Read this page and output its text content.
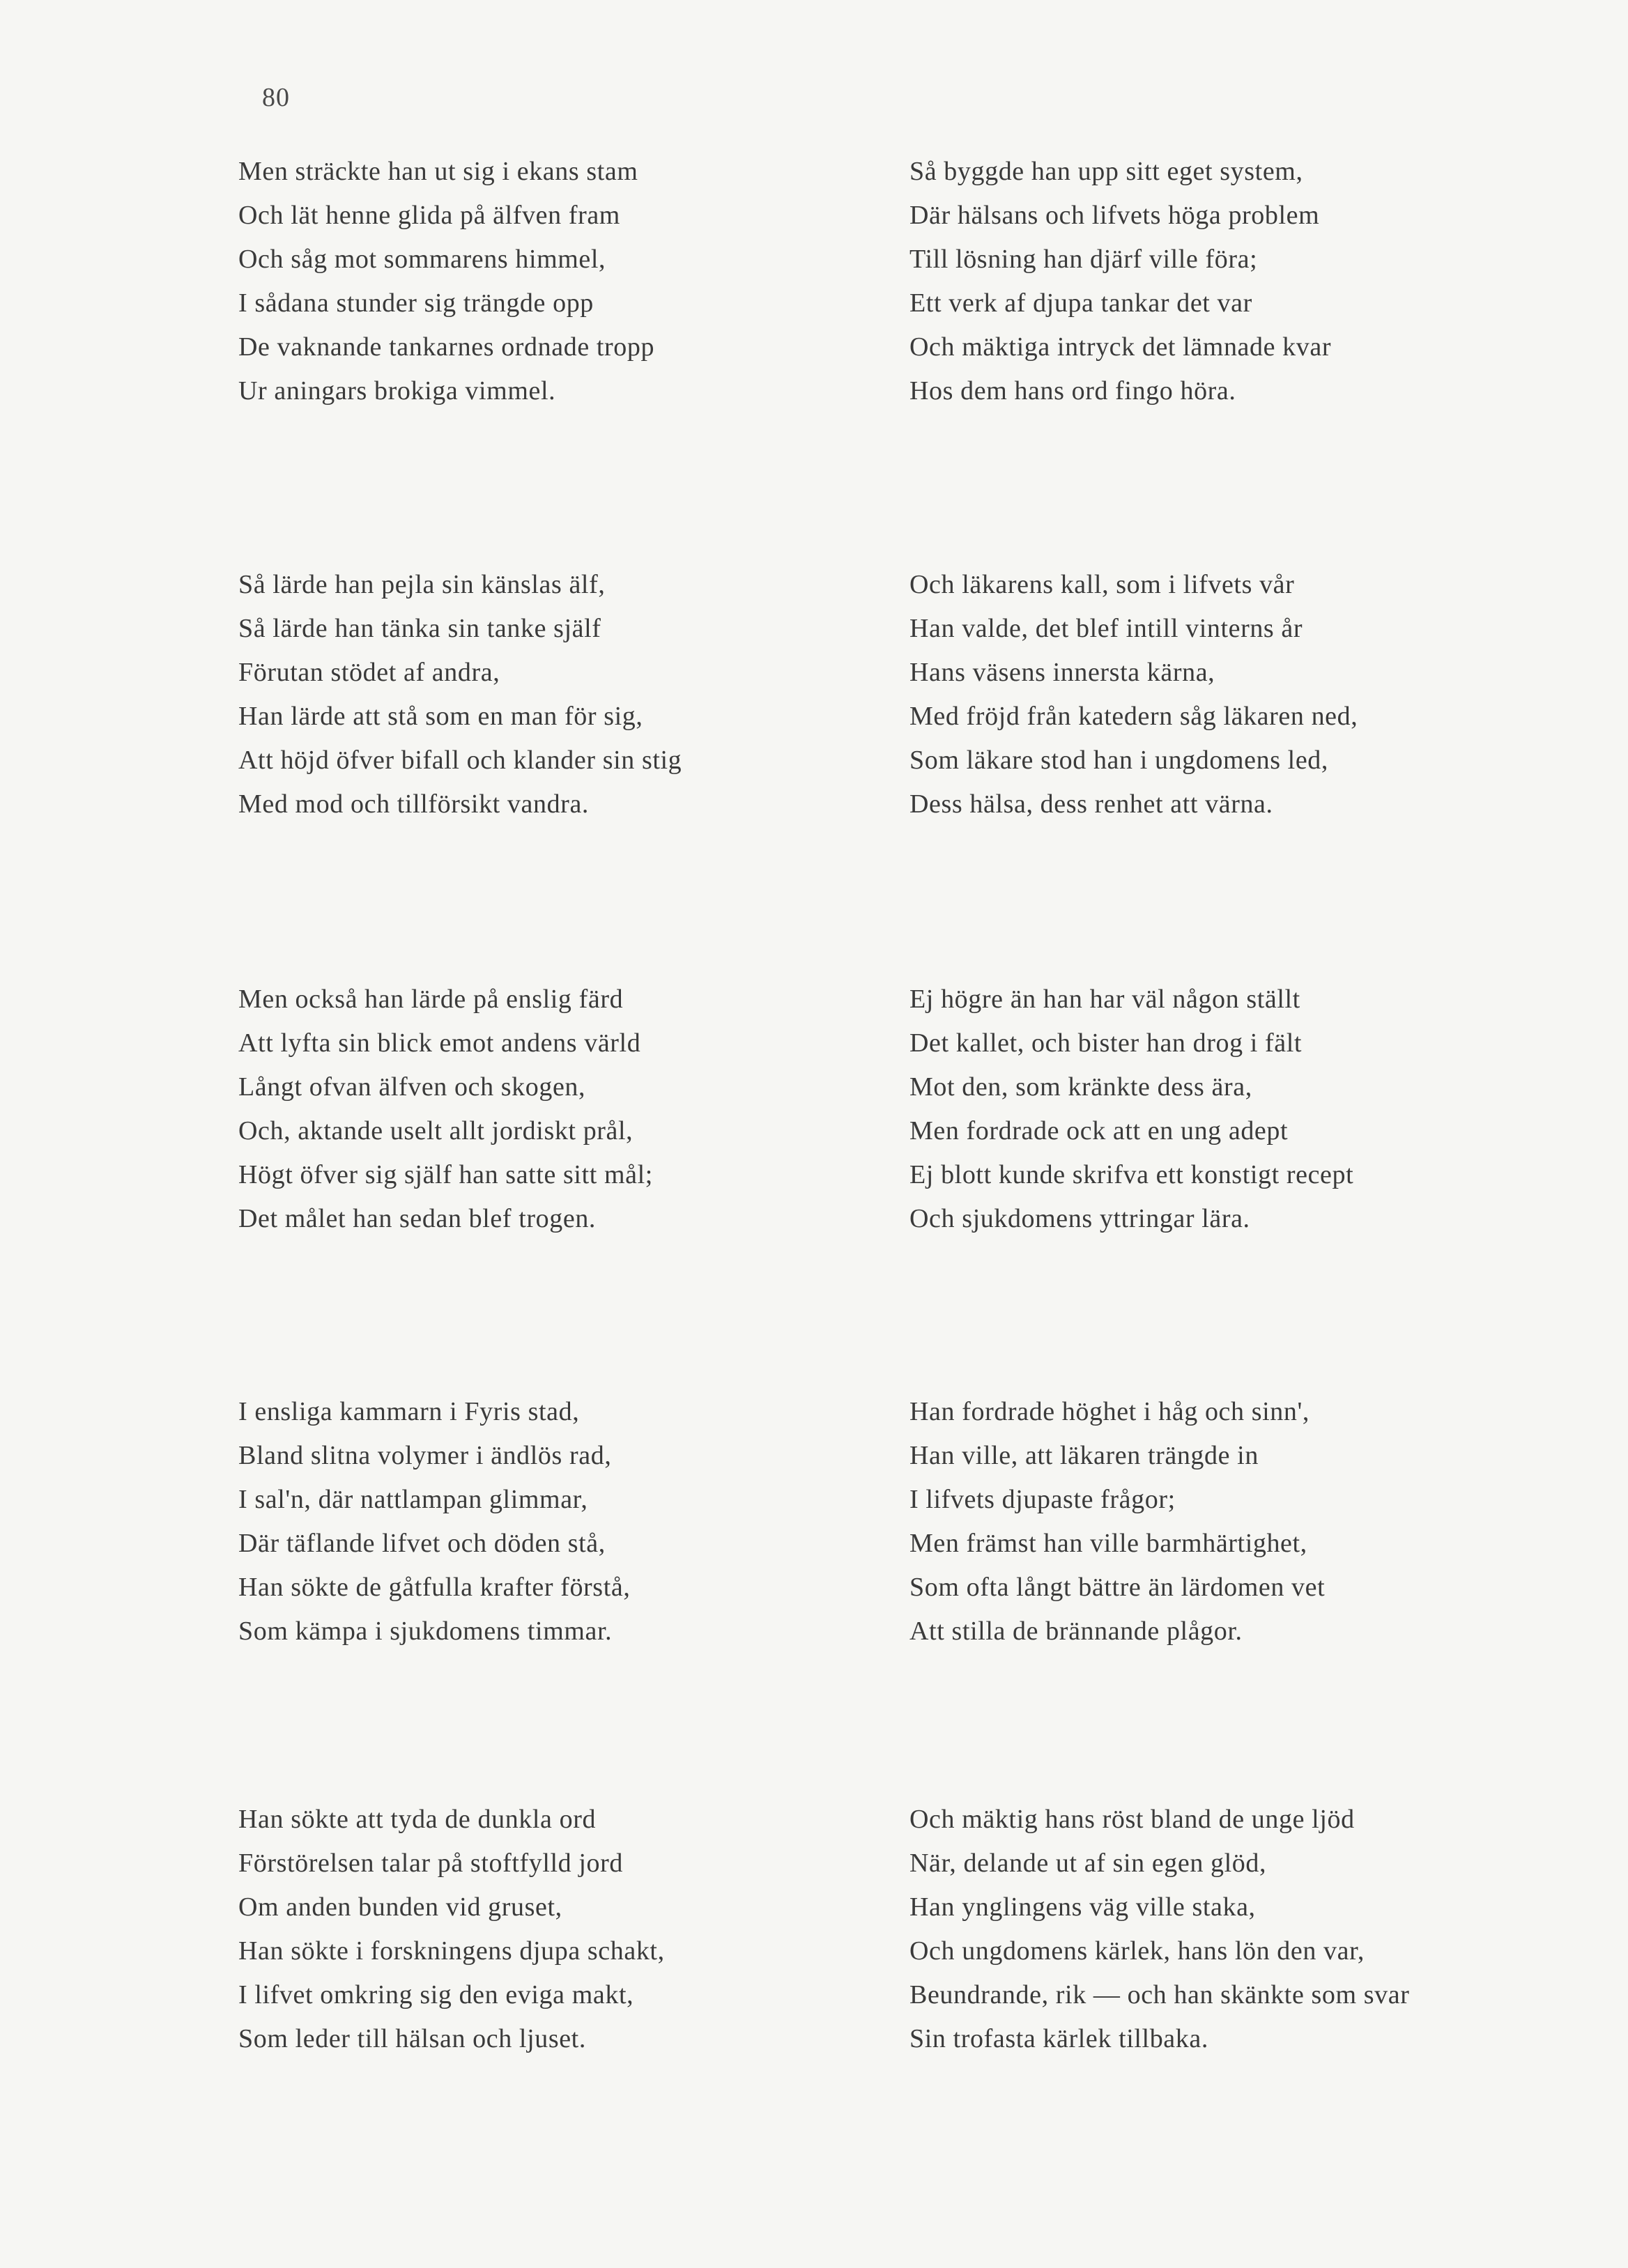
80
Men sträckte han ut sig i ekans stam
Och lät henne glida på älfven fram
Och såg mot sommarens himmel,
I sådana stunder sig trängde opp
De vaknande tankarnes ordnade tropp
Ur aningars brokiga vimmel.
Så byggde han upp sitt eget system,
Där hälsans och lifvets höga problem
Till lösning han djärf ville föra;
Ett verk af djupa tankar det var
Och mäktiga intryck det lämnade kvar
Hos dem hans ord fingo höra.
Så lärde han pejla sin känslas älf,
Så lärde han tänka sin tanke själf
Förutan stödet af andra,
Han lärde att stå som en man för sig,
Att höjd öfver bifall och klander sin stig
Med mod och tillförsikt vandra.
Och läkarens kall, som i lifvets vår
Han valde, det blef intill vinterns år
Hans väsens innersta kärna,
Med fröjd från katedern såg läkaren ned,
Som läkare stod han i ungdomens led,
Dess hälsa, dess renhet att värna.
Men också han lärde på enslig färd
Att lyfta sin blick emot andens värld
Långt ofvan älfven och skogen,
Och, aktande uselt allt jordiskt prål,
Högt öfver sig själf han satte sitt mål;
Det målet han sedan blef trogen.
Ej högre än han har väl någon ställt
Det kallet, och bister han drog i fält
Mot den, som kränkte dess ära,
Men fordrade ock att en ung adept
Ej blott kunde skrifva ett konstigt recept
Och sjukdomens yttringar lära.
I ensliga kammarn i Fyris stad,
Bland slitna volymer i ändlös rad,
I sal'n, där nattlampan glimmar,
Där täflande lifvet och döden stå,
Han sökte de gåtfulla krafter förstå,
Som kämpa i sjukdomens timmar.
Han fordrade höghet i håg och sinn',
Han ville, att läkaren trängde in
I lifvets djupaste frågor;
Men främst han ville barmhärtighet,
Som ofta långt bättre än lärdomen vet
Att stilla de brännande plågor.
Han sökte att tyda de dunkla ord
Förstörelsen talar på stoftfylld jord
Om anden bunden vid gruset,
Han sökte i forskningens djupa schakt,
I lifvet omkring sig den eviga makt,
Som leder till hälsan och ljuset.
Och mäktig hans röst bland de unge ljöd
När, delande ut af sin egen glöd,
Han ynglingens väg ville staka,
Och ungdomens kärlek, hans lön den var,
Beundrande, rik — och han skänkte som svar
Sin trofasta kärlek tillbaka.
